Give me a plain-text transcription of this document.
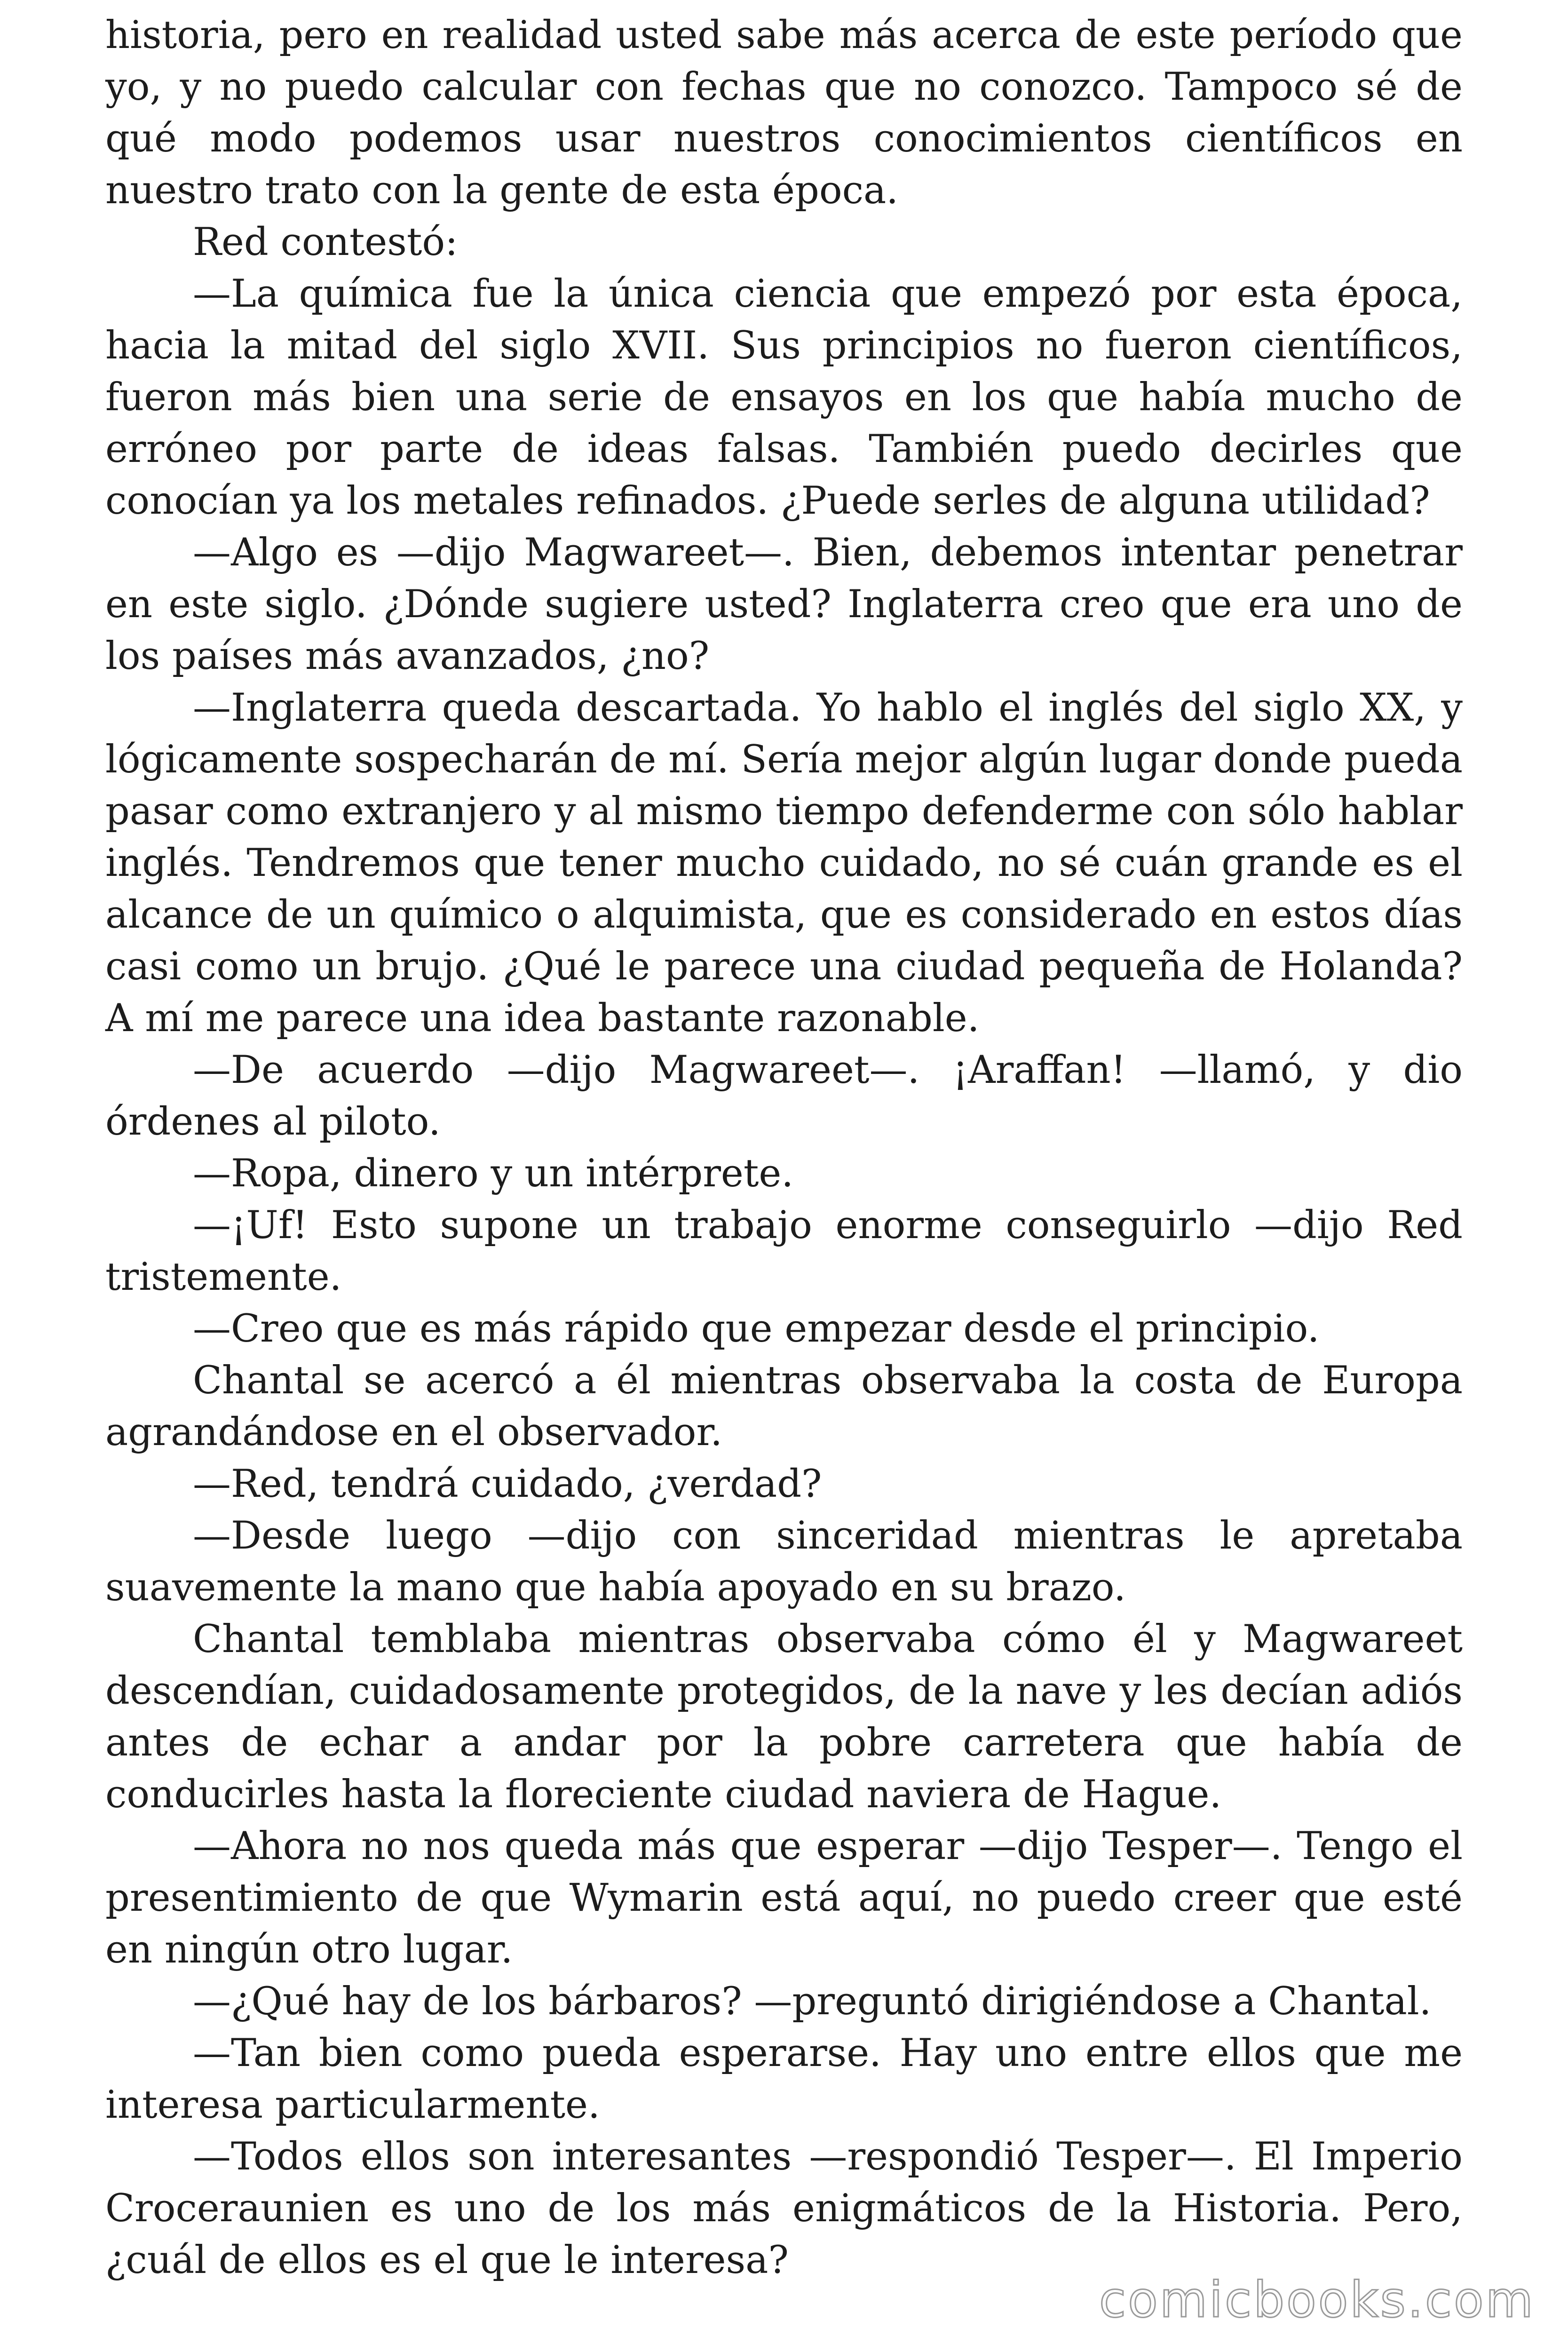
historia, pero en realidad usted sabe más acerca de este período que yo, y no puedo calcular con fechas que no conozco. Tampoco sé de qué modo podemos usar nuestros conocimientos científicos en nuestro trato con la gente de esta época.

Red contestó:

—La química fue la única ciencia que empezó por esta época, hacia la mitad del siglo XVII. Sus principios no fueron científicos, fueron más bien una serie de ensayos en los que había mucho de erróneo por parte de ideas falsas. También puedo decirles que conocían ya los metales refinados. ¿Puede serles de alguna utilidad?

—Algo es —dijo Magwareet—. Bien, debemos intentar penetrar en este siglo. ¿Dónde sugiere usted? Inglaterra creo que era uno de los países más avanzados, ¿no?

—Inglaterra queda descartada. Yo hablo el inglés del siglo XX, y lógicamente sospecharán de mí. Sería mejor algún lugar donde pueda pasar como extranjero y al mismo tiempo defenderme con sólo hablar inglés. Tendremos que tener mucho cuidado, no sé cuán grande es el alcance de un químico o alquimista, que es considerado en estos días casi como un brujo. ¿Qué le parece una ciudad pequeña de Holanda? A mí me parece una idea bastante razonable.

—De acuerdo —dijo Magwareet—. ¡Araffan! —llamó, y dio órdenes al piloto.

—Ropa, dinero y un intérprete.

—¡Uf! Esto supone un trabajo enorme conseguirlo —dijo Red tristemente.

—Creo que es más rápido que empezar desde el principio.

Chantal se acercó a él mientras observaba la costa de Europa agrandándose en el observador.

—Red, tendrá cuidado, ¿verdad?

—Desde luego —dijo con sinceridad mientras le apretaba suavemente la mano que había apoyado en su brazo.

Chantal temblaba mientras observaba cómo él y Magwareet descendían, cuidadosamente protegidos, de la nave y les decían adiós antes de echar a andar por la pobre carretera que había de conducirles hasta la floreciente ciudad naviera de Hague.

—Ahora no nos queda más que esperar —dijo Tesper—. Tengo el presentimiento de que Wymarin está aquí, no puedo creer que esté en ningún otro lugar.

—¿Qué hay de los bárbaros? —preguntó dirigiéndose a Chantal.

—Tan bien como pueda esperarse. Hay uno entre ellos que me interesa particularmente.

—Todos ellos son interesantes —respondió Tesper—. El Imperio Croceraunien es uno de los más enigmáticos de la Historia. Pero, ¿cuál de ellos es el que le interesa?

comicbooks.com
